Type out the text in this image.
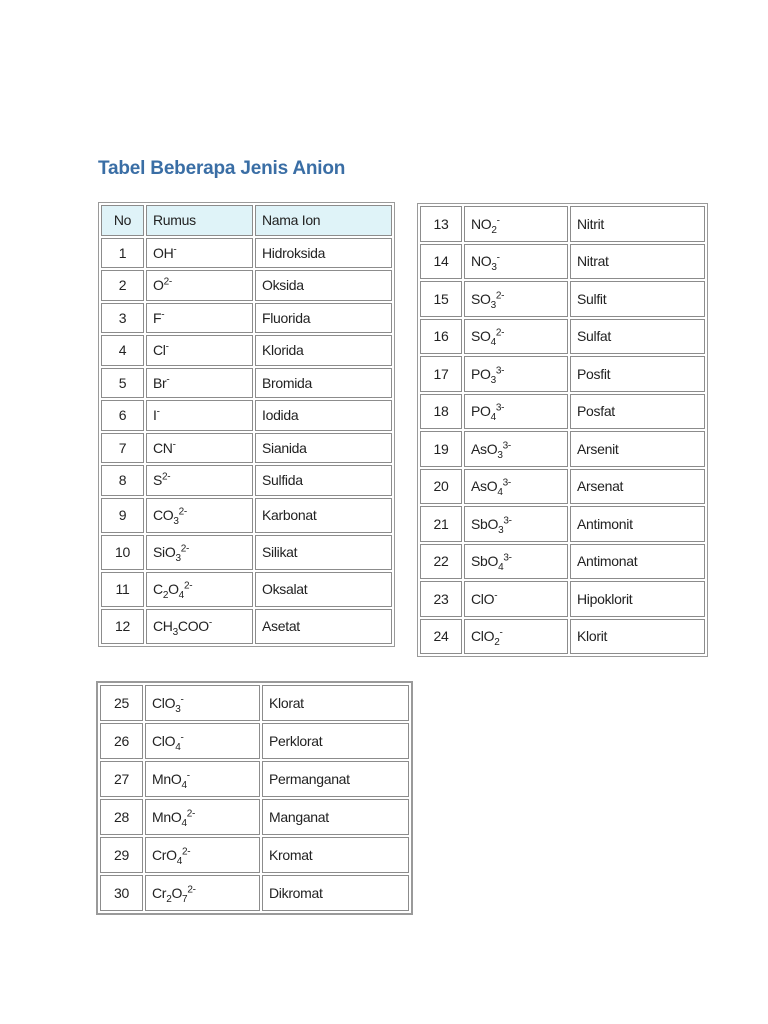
Tabel Beberapa Jenis Anion
No	Rumus	Nama Ion
1	OH-	Hidroksida
2	$O^{2-}$	Oksida
3	F-	Fluorida
4	Cl-	Klorida
5	Br-	Bromida
6	I-	Iodida
7	CN-	Sianida
8	$S^{2-}$	Sulfida
9	$CO_3^{2-}$	Karbonat
10	SiO$_3^{2-}$	Silikat
11	$C_2O_4^{2-}$	Oksalat
12	$CH_3COO^-$	Asetat
13	$NO_2^-$	Nitrit
14	$NO_3^-$	Nitrat
15	$SO_3^{2-}$	Sulfit
16	$SO_4^{2-}$	Sulfat
17	$PO_3^{3-}$	Posfit
18	$PO_4^{3-}$	Posfat
19	AsO$_3^{3-}$	Arsenit
20	AsO$_4^{3-}$	Arsenat
21	SbO$_3^{3-}$	Antimonit
22	SbO$_4^{3-}$	Antimonat
23	ClO-	Hipoklorit
24	ClO$_2$-	Klorit
25	ClO$_3$-	Klorat
26	ClO$_4$-	Perklorat
27	MnO$_4$-	Permanganat
28	MnO$_4^{2-}$	Manganat
29	CrO$_4^{2-}$	Kromat
30	$Cr_2O_7^{2-}$	Dikromat
